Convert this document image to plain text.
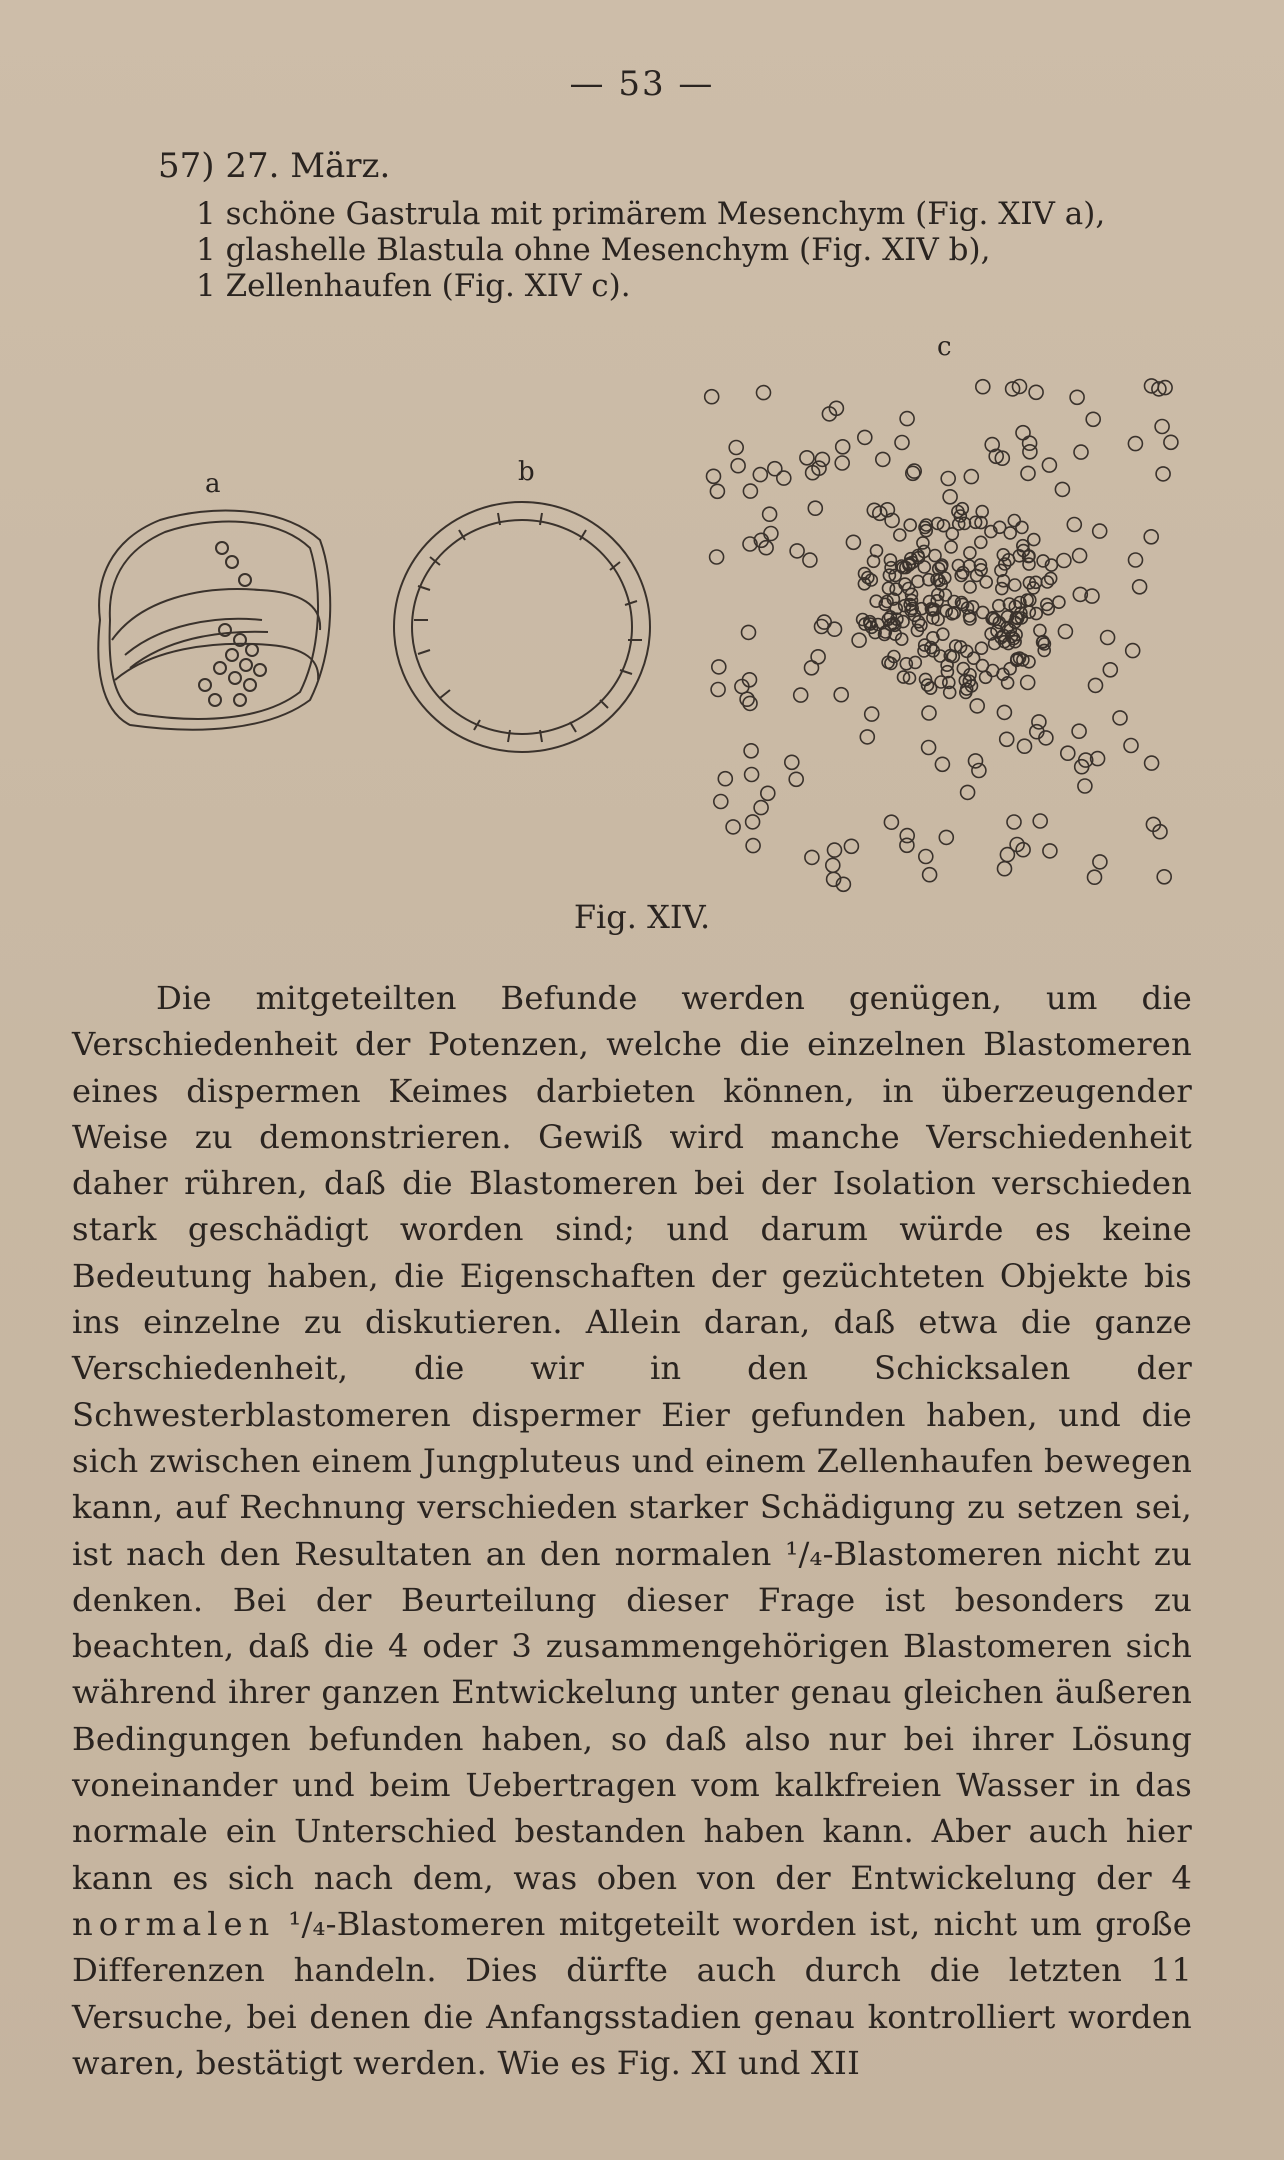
— 53 —
57) 27. März.
1 schöne Gastrula mit primärem Mesenchym (Fig. XIV a),
1 glashelle Blastula ohne Mesenchym (Fig. XIV b),
1 Zellenhaufen (Fig. XIV c).
a	b
c
Fig. XIV.

Die mitgeteilten Befunde werden genügen, um die Verschiedenheit der Potenzen, welche die einzelnen Blastomeren eines dispermen Keimes darbieten können, in überzeugender Weise zu demonstrieren. Gewiß wird manche Verschiedenheit daher rühren, daß die Blastomeren bei der Isolation verschieden stark geschädigt worden sind; und darum würde es keine Bedeutung haben, die Eigenschaften der gezüchteten Objekte bis ins einzelne zu diskutieren. Allein daran, daß etwa die ganze Verschiedenheit, die wir in den Schicksalen der Schwesterblastomeren dispermer Eier gefunden haben, und die sich zwischen einem Jungpluteus und einem Zellenhaufen bewegen kann, auf Rechnung verschieden starker Schädigung zu setzen sei, ist nach den Resultaten an den normalen ¹/₄-Blastomeren nicht zu denken. Bei der Beurteilung dieser Frage ist besonders zu beachten, daß die 4 oder 3 zusammengehörigen Blastomeren sich während ihrer ganzen Entwickelung unter genau gleichen äußeren Bedingungen befunden haben, so daß also nur bei ihrer Lösung voneinander und beim Uebertragen vom kalkfreien Wasser in das normale ein Unterschied bestanden haben kann. Aber auch hier kann es sich nach dem, was oben von der Entwickelung der 4 normalen ¹/₄-Blastomeren mitgeteilt worden ist, nicht um große Differenzen handeln. Dies dürfte auch durch die letzten 11 Versuche, bei denen die Anfangsstadien genau kontrolliert worden waren, bestätigt werden. Wie es Fig. XI und XII
